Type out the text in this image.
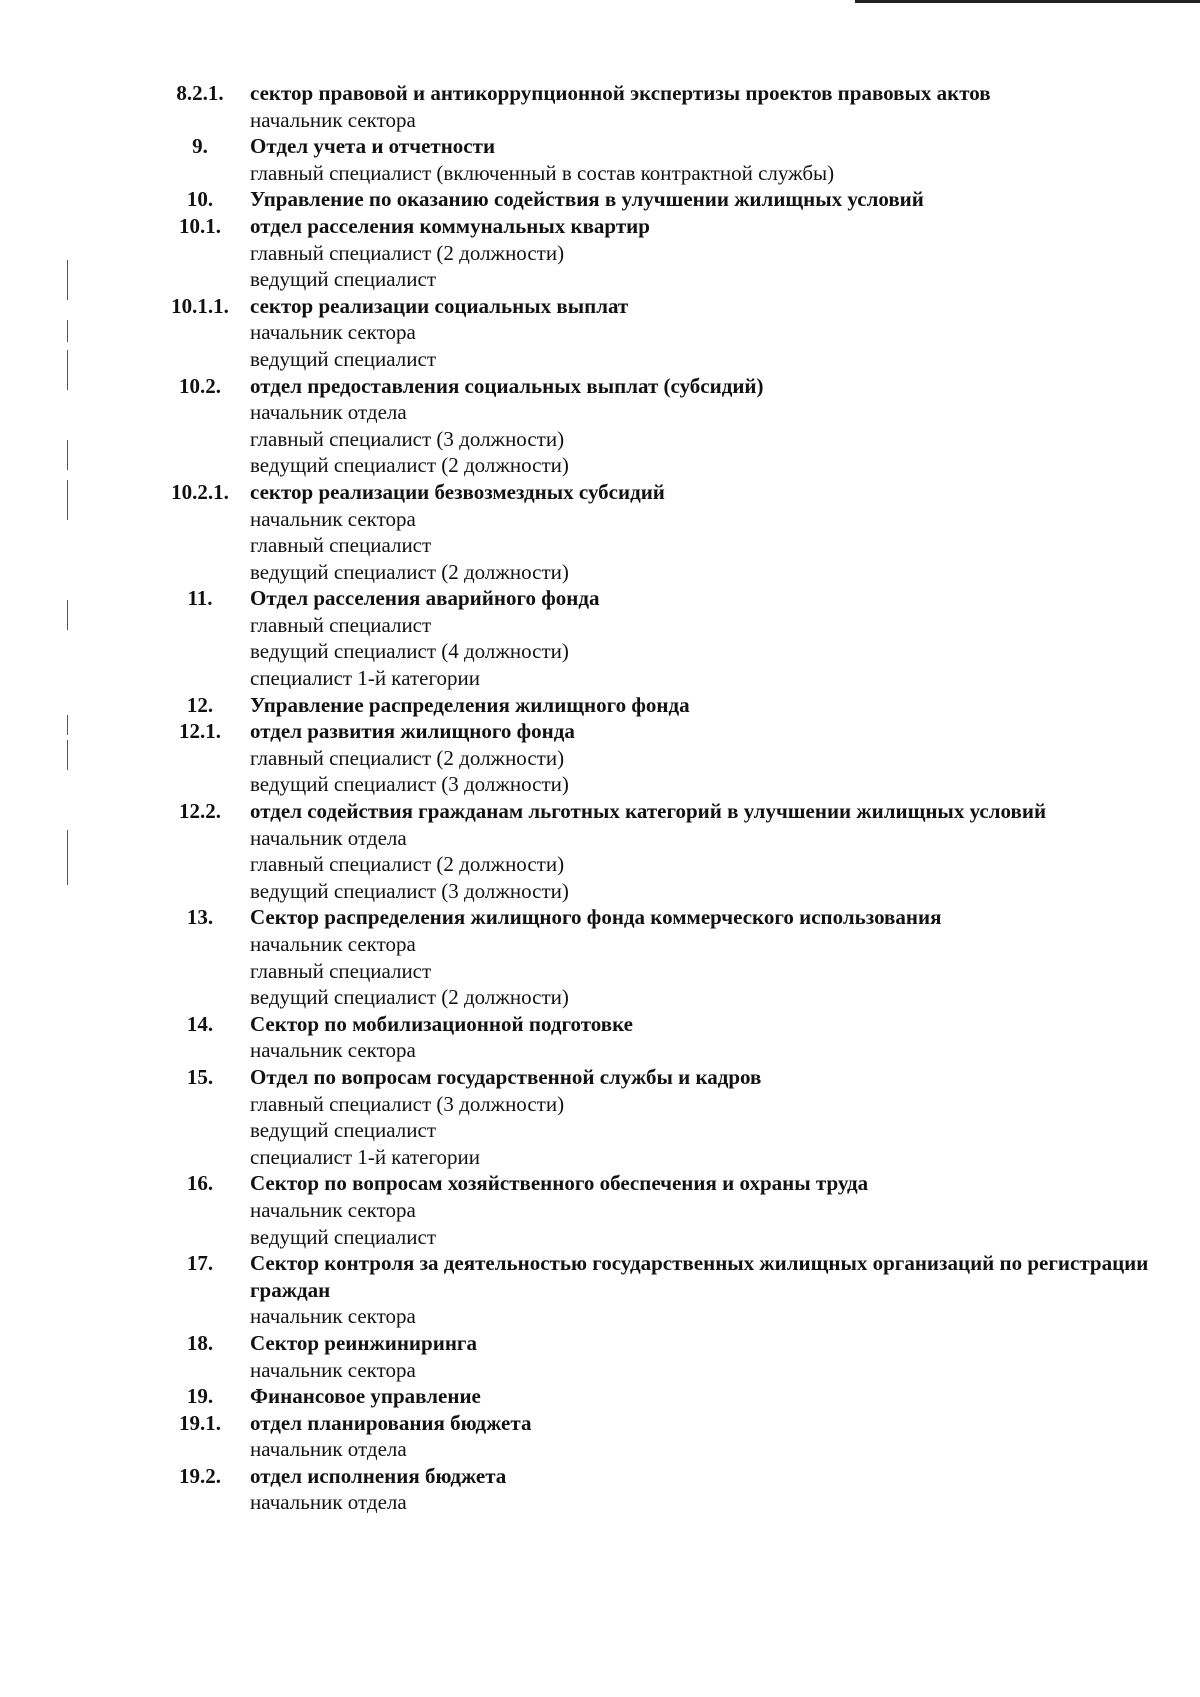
8.2.1.	сектор правовой и антикоррупционной экспертизы проектов правовых актов
начальник сектора
9.	Отдел учета и отчетности
главный специалист (включенный в состав контрактной службы)
10.	Управление по оказанию содействия в улучшении жилищных условий
10.1.	отдел расселения коммунальных квартир
главный специалист (2 должности)
ведущий специалист
10.1.1.	сектор реализации социальных выплат
начальник сектора
ведущий специалист
10.2.	отдел предоставления социальных выплат (субсидий)
начальник отдела
главный специалист (3 должности)
ведущий специалист (2 должности)
10.2.1.	сектор реализации безвозмездных субсидий
начальник сектора
главный специалист
ведущий специалист (2 должности)
11.	Отдел расселения аварийного фонда
главный специалист
ведущий специалист (4 должности)
специалист 1-й категории
12.	Управление распределения жилищного фонда
12.1.	отдел развития жилищного фонда
главный специалист (2 должности)
ведущий специалист (3 должности)
12.2.	отдел содействия гражданам льготных категорий в улучшении жилищных условий
начальник отдела
главный специалист (2 должности)
ведущий специалист (3 должности)
13.	Сектор распределения жилищного фонда коммерческого использования
начальник сектора
главный специалист
ведущий специалист (2 должности)
14.	Сектор по мобилизационной подготовке
начальник сектора
15.	Отдел по вопросам государственной службы и кадров
главный специалист (3 должности)
ведущий специалист
специалист 1-й категории
16.	Сектор по вопросам хозяйственного обеспечения и охраны труда
начальник сектора
ведущий специалист
17.	Сектор контроля за деятельностью государственных жилищных организаций по регистрации граждан
начальник сектора
18.	Сектор реинжиниринга
начальник сектора
19.	Финансовое управление
19.1.	отдел планирования бюджета
начальник отдела
19.2.	отдел исполнения бюджета
начальник отдела
